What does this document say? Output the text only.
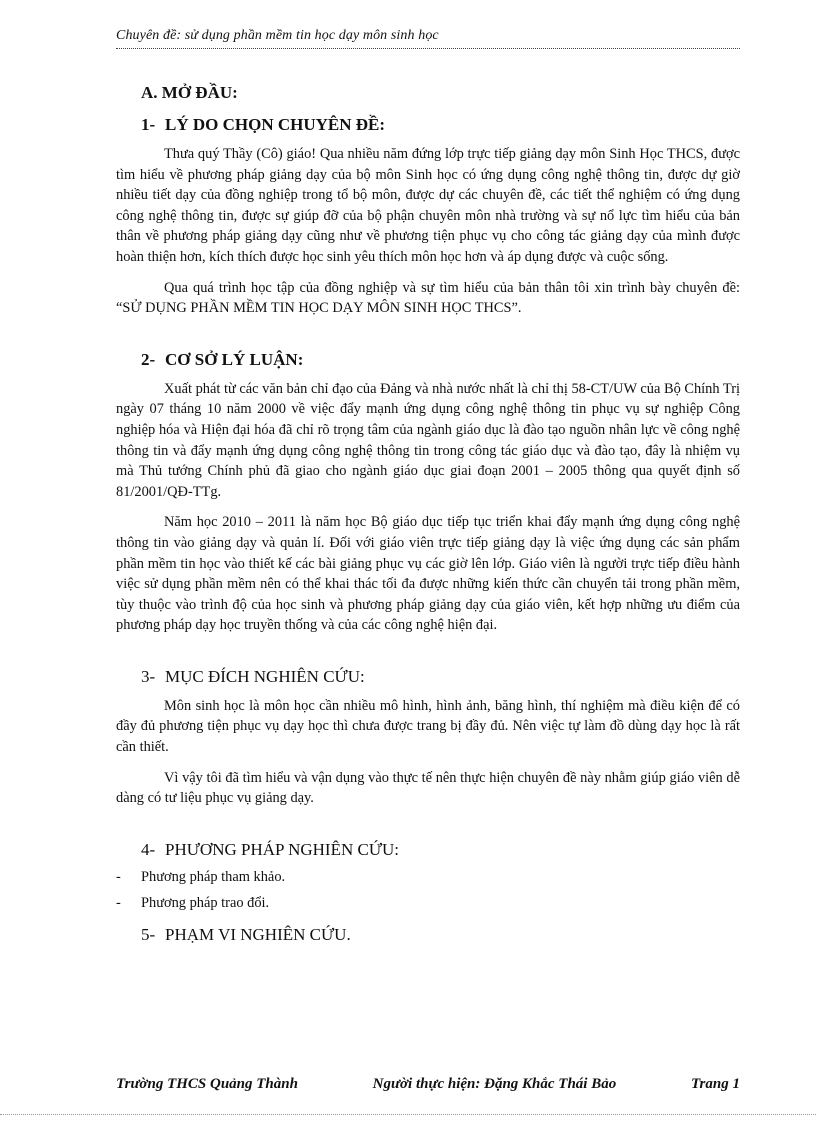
Chuyên đề: sử dụng phần mềm tin học dạy môn sinh học
A. MỞ ĐẦU:
1- LÝ DO CHỌN CHUYÊN ĐỀ:

Thưa quý Thầy (Cô) giáo! Qua nhiều năm đứng lớp trực tiếp giảng dạy môn Sinh Học THCS, được tìm hiểu về phương pháp giảng dạy của bộ môn Sinh học có ứng dụng công nghệ thông tin, được dự giờ nhiều tiết dạy của đồng nghiệp trong tổ bộ môn, được dự các chuyên đề, các tiết thể nghiệm có ứng dụng công nghệ thông tin, được sự giúp đỡ của bộ phận chuyên môn nhà trường và sự nổ lực tìm hiểu của bản thân về phương pháp giảng dạy cũng như về phương tiện phục vụ cho công tác giảng dạy của mình được hoàn thiện hơn, kích thích được học sinh yêu thích môn học hơn và áp dụng được và cuộc sống.

Qua quá trình học tập của đồng nghiệp và sự tìm hiểu của bản thân tôi xin trình bày chuyên đề: “SỬ DỤNG PHẦN MỀM TIN HỌC DẠY MÔN SINH HỌC THCS”.

2- CƠ SỞ LÝ LUẬN:

Xuất phát từ các văn bản chỉ đạo của Đảng và nhà nước nhất là chỉ thị 58-CT/UW của Bộ Chính Trị ngày 07 tháng 10 năm 2000 về việc đẩy mạnh ứng dụng công nghệ thông tin phục vụ sự nghiệp Công nghiệp hóa và Hiện đại hóa đã chỉ rõ trọng tâm của ngành giáo dục là đào tạo nguồn nhân lực về công nghệ thông tin và đẩy mạnh ứng dụng công nghệ thông tin trong công tác giáo dục và đào tạo, đây là nhiệm vụ mà Thủ tướng Chính phủ đã giao cho ngành giáo dục giai đoạn 2001 – 2005 thông qua quyết định số 81/2001/QĐ-TTg.

Năm học 2010 – 2011 là năm học Bộ giáo dục tiếp tục triển khai đẩy mạnh ứng dụng công nghệ thông tin vào giảng dạy và quản lí. Đối với giáo viên trực tiếp giảng dạy là việc ứng dụng các sản phẩm phần mềm tin học vào thiết kế các bài giảng phục vụ các giờ lên lớp. Giáo viên là người trực tiếp điều hành việc sử dụng phần mềm nên có thể khai thác tối đa được những kiến thức cần chuyển tải trong phần mềm, tùy thuộc vào trình độ của học sinh và phương pháp giảng dạy của giáo viên, kết hợp những ưu điểm của phương pháp dạy học truyền thống và của các công nghệ hiện đại.

3- MỤC ĐÍCH NGHIÊN CỨU:

Môn sinh học là môn học cần nhiều mô hình, hình ảnh, băng hình, thí nghiệm mà điều kiện để có đầy đủ phương tiện phục vụ dạy học thì chưa được trang bị đầy đủ. Nên việc tự làm đồ dùng dạy học là rất cần thiết.

Vì vậy tôi đã tìm hiểu và vận dụng vào thực tế nên thực hiện chuyên đề này nhằm giúp giáo viên dễ dàng có tư liệu phục vụ giảng dạy.

4- PHƯƠNG PHÁP NGHIÊN CỨU:
-	Phương pháp tham khảo.
-	Phương pháp trao đổi.
5- PHẠM VI NGHIÊN CỨU.
Trường THCS Quảng Thành	Người thực hiện: Đặng Khắc Thái Bảo	Trang 1
